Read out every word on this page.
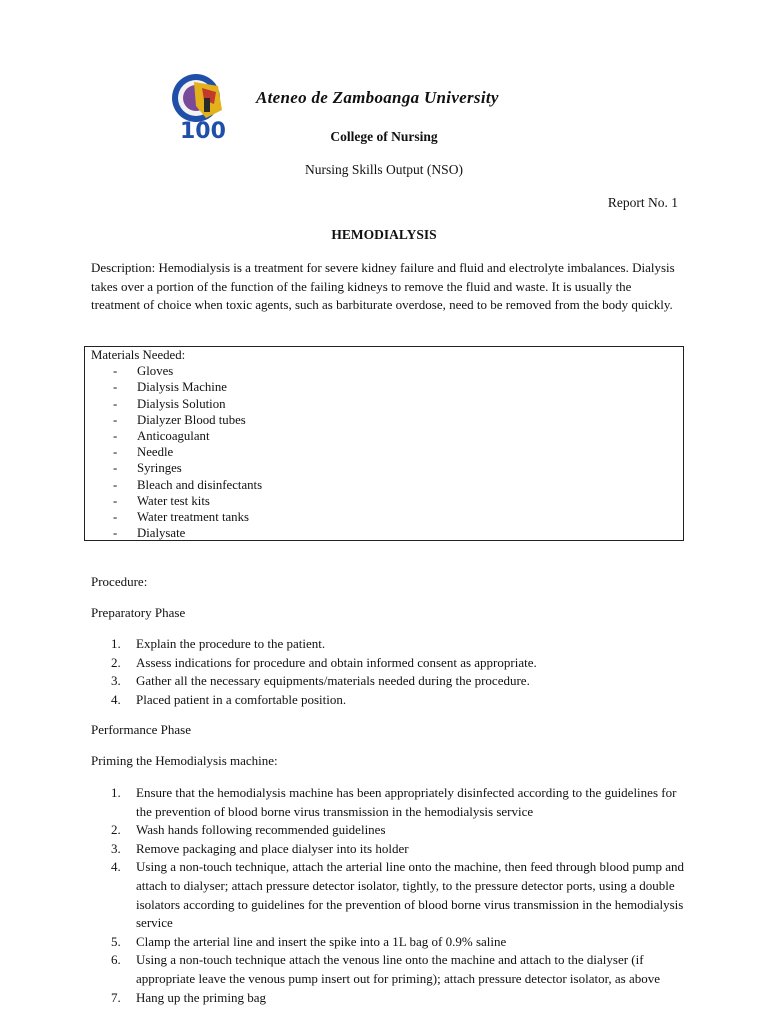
100
Ateneo de Zamboanga University
College of Nursing
Nursing Skills Output (NSO)
Report No. 1
HEMODIALYSIS
Description: Hemodialysis is a treatment for severe kidney failure and fluid and electrolyte imbalances. Dialysis takes over a portion of the function of the failing kidneys to remove the fluid and waste. It is usually the treatment of choice when toxic agents, such as barbiturate overdose, need to be removed from the body quickly.
Materials Needed:
- Gloves
- Dialysis Machine
- Dialysis Solution
- Dialyzer Blood tubes
- Anticoagulant
- Needle
- Syringes
- Bleach and disinfectants
- Water test kits
- Water treatment tanks
- Dialysate
Procedure:
Preparatory Phase
1. Explain the procedure to the patient.
2. Assess indications for procedure and obtain informed consent as appropriate.
3. Gather all the necessary equipments/materials needed during the procedure.
4. Placed patient in a comfortable position.
Performance Phase
Priming the Hemodialysis machine:
1. Ensure that the hemodialysis machine has been appropriately disinfected according to the guidelines for the prevention of blood borne virus transmission in the hemodialysis service
2. Wash hands following recommended guidelines
3. Remove packaging and place dialyser into its holder
4. Using a non-touch technique, attach the arterial line onto the machine, then feed through blood pump and attach to dialyser; attach pressure detector isolator, tightly, to the pressure detector ports, using a double isolators according to guidelines for the prevention of blood borne virus transmission in the hemodialysis service
5. Clamp the arterial line and insert the spike into a 1L bag of 0.9% saline
6. Using a non-touch technique attach the venous line onto the machine and attach to the dialyser (if appropriate leave the venous pump insert out for priming); attach pressure detector isolator, as above
7. Hang up the priming bag
